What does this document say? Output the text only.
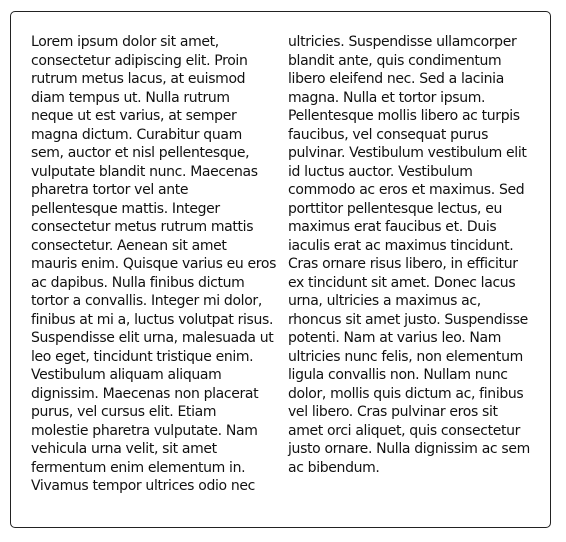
Lorem ipsum dolor sit amet,
consectetur adipiscing elit. Proin
rutrum metus lacus, at euismod
diam tempus ut. Nulla rutrum
neque ut est varius, at semper
magna dictum. Curabitur quam
sem, auctor et nisl pellentesque,
vulputate blandit nunc. Maecenas
pharetra tortor vel ante
pellentesque mattis. Integer
consectetur metus rutrum mattis
consectetur. Aenean sit amet
mauris enim. Quisque varius eu eros
ac dapibus. Nulla finibus dictum
tortor a convallis. Integer mi dolor,
finibus at mi a, luctus volutpat risus.
Suspendisse elit urna, malesuada ut
leo eget, tincidunt tristique enim.
Vestibulum aliquam aliquam
dignissim. Maecenas non placerat
purus, vel cursus elit. Etiam
molestie pharetra vulputate. Nam
vehicula urna velit, sit amet
fermentum enim elementum in.
Vivamus tempor ultrices odio nec
ultricies. Suspendisse ullamcorper
blandit ante, quis condimentum
libero eleifend nec. Sed a lacinia
magna. Nulla et tortor ipsum.
Pellentesque mollis libero ac turpis
faucibus, vel consequat purus
pulvinar. Vestibulum vestibulum elit
id luctus auctor. Vestibulum
commodo ac eros et maximus. Sed
porttitor pellentesque lectus, eu
maximus erat faucibus et. Duis
iaculis erat ac maximus tincidunt.
Cras ornare risus libero, in efficitur
ex tincidunt sit amet. Donec lacus
urna, ultricies a maximus ac,
rhoncus sit amet justo. Suspendisse
potenti. Nam at varius leo. Nam
ultricies nunc felis, non elementum
ligula convallis non. Nullam nunc
dolor, mollis quis dictum ac, finibus
vel libero. Cras pulvinar eros sit
amet orci aliquet, quis consectetur
justo ornare. Nulla dignissim ac sem
ac bibendum.
